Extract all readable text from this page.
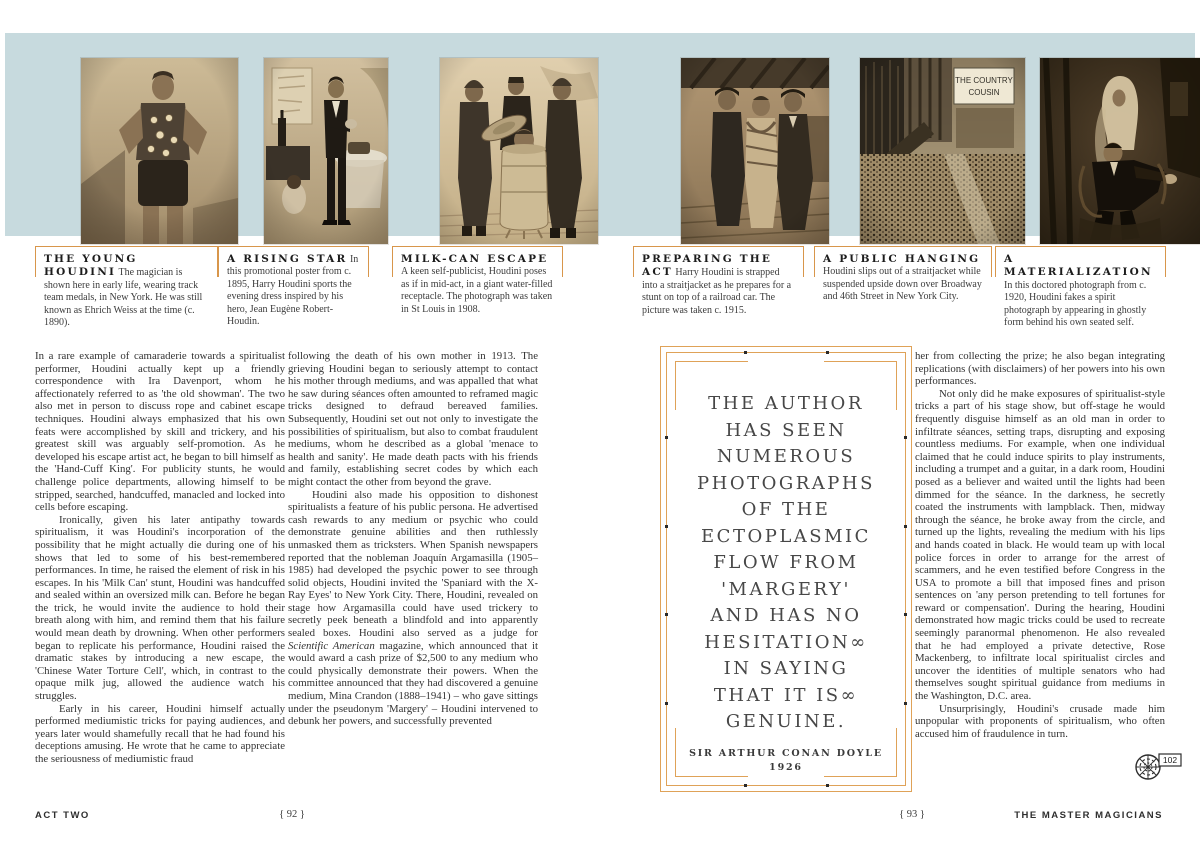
THE YOUNG HOUDINI The magician is shown here in early life, wearing track team medals, in New York. He was still known as Ehrich Weiss at the time (c. 1890).

A RISING STAR In this promotional poster from c. 1895, Harry Houdini sports the evening dress inspired by his hero, Jean Eugène Robert-Houdin.

MILK-CAN ESCAPE A keen self-publicist, Houdini poses as if in mid-act, in a giant water-filled receptacle. The photograph was taken in St Louis in 1908.

PREPARING THE ACT Harry Houdini is strapped into a straitjacket as he prepares for a stunt on top of a railroad car. The picture was taken c. 1915.

A PUBLIC HANGING Houdini slips out of a straitjacket while suspended upside down over Broadway and 46th Street in New York City.

A MATERIALIZATION In this doctored photograph from c. 1920, Houdini fakes a spirit photograph by appearing in ghostly form behind his own seated self.

In a rare example of camaraderie towards a spiritualist performer, Houdini actually kept up a friendly correspondence with Ira Davenport, whom he affectionately referred to as 'the old showman'. The two also met in person to discuss rope and cabinet escape techniques. Houdini always emphasized that his own feats were accomplished by skill and trickery, and his greatest skill was arguably self-promotion. As he developed his escape artist act, he began to bill himself as the 'Hand-Cuff King'. For publicity stunts, he would challenge police departments, allowing himself to be stripped, searched, handcuffed, manacled and locked into cells before escaping.

Ironically, given his later antipathy towards spiritualism, it was Houdini's incorporation of the possibility that he might actually die during one of his shows that led to some of his best-remembered performances. In time, he raised the element of risk in his escapes. In his 'Milk Can' stunt, Houdini was handcuffed and sealed within an oversized milk can. Before he began the trick, he would invite the audience to hold their breath along with him, and remind them that his failure would mean death by drowning. When other performers began to replicate his performance, Houdini raised the dramatic stakes by introducing a new escape, the 'Chinese Water Torture Cell', which, in contrast to the opaque milk jug, allowed the audience watch his struggles.

Early in his career, Houdini himself actually performed mediumistic tricks for paying audiences, and years later would shamefully recall that he had found his deceptions amusing. He wrote that he came to appreciate the seriousness of mediumistic fraud

following the death of his own mother in 1913. The grieving Houdini began to seriously attempt to contact his mother through mediums, and was appalled that what he saw during séances often amounted to reframed magic tricks designed to defraud bereaved families. Subsequently, Houdini set out not only to investigate the possibilities of spiritualism, but also to combat fraudulent mediums, whom he described as a global 'menace to health and sanity'. He made death pacts with his friends and family, establishing secret codes by which each might contact the other from beyond the grave.

Houdini also made his opposition to dishonest spiritualists a feature of his public persona. He advertised cash rewards to any medium or psychic who could demonstrate genuine abilities and then ruthlessly unmasked them as tricksters. When Spanish newspapers reported that the nobleman Joaquín Argamasilla (1905–1985) had developed the psychic power to see through solid objects, Houdini invited the 'Spaniard with the X-Ray Eyes' to New York City. There, Houdini, revealed on stage how Argamasilla could have used trickery to secretly peek beneath a blindfold and into apparently sealed boxes. Houdini also served as a judge for Scientific American magazine, which announced that it would award a cash prize of $2,500 to any medium who could physically demonstrate their powers. When the committee announced that they had discovered a genuine medium, Mina Crandon (1888–1941) – who gave sittings under the pseudonym 'Margery' – Houdini intervened to debunk her powers, and successfully prevented

her from collecting the prize; he also began integrating replications (with disclaimers) of her powers into his own performances.

Not only did he make exposures of spiritualist-style tricks a part of his stage show, but off-stage he would frequently disguise himself as an old man in order to infiltrate séances, setting traps, disrupting and exposing countless mediums. For example, when one individual claimed that he could induce spirits to play instruments, including a trumpet and a guitar, in a dark room, Houdini posed as a believer and waited until the lights had been dimmed for the séance. In the darkness, he secretly coated the instruments with lampblack. Then, midway through the séance, he broke away from the circle, and turned up the lights, revealing the medium with his lips and hands coated in black. He would team up with local police forces in order to arrange for the arrest of scammers, and he even testified before Congress in the USA to promote a bill that imposed fines and prison sentences on 'any person pretending to tell fortunes for reward or compensation'. During the hearing, Houdini demonstrated how magic tricks could be used to recreate seemingly paranormal phenomenon. He also revealed that he had employed a private detective, Rose Mackenberg, to infiltrate local spiritualist circles and uncover the identities of multiple senators who had themselves sought spiritual guidance from mediums in the Washington, D.C. area.

Unsurprisingly, Houdini's crusade made him unpopular with proponents of spiritualism, who often accused him of fraudulence in turn.

THE AUTHOR
HAS SEEN
NUMEROUS
PHOTOGRAPHS
OF THE
ECTOPLASMIC
FLOW FROM
'MARGERY'
AND HAS NO
HESITATION∞
IN SAYING
THAT IT IS∞
GENUINE.
SIR ARTHUR CONAN DOYLE
1926
102
ACT TWO	{ 92 }	{ 93 }	THE MASTER MAGICIANS
